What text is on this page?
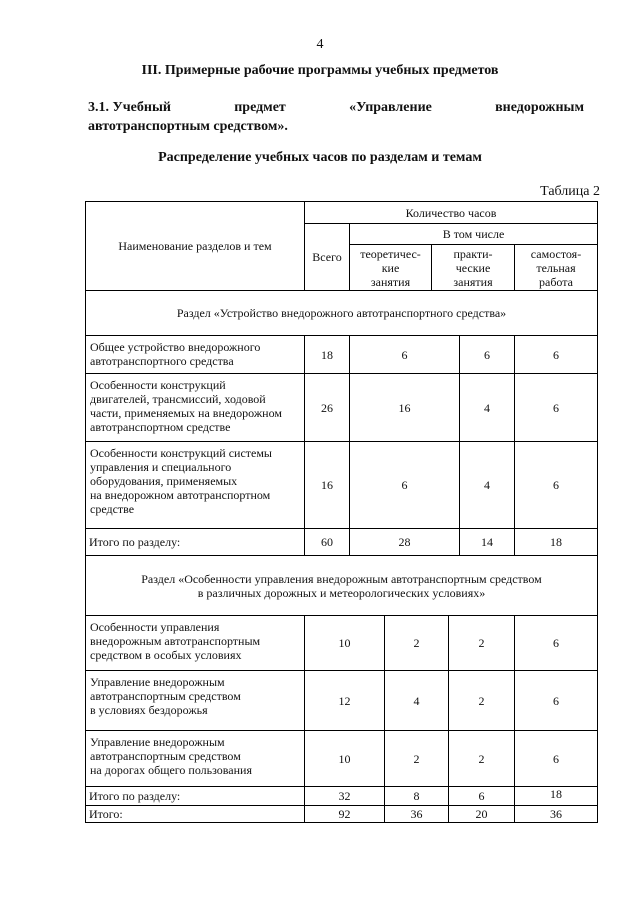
4
III. Примерные рабочие программы учебных предметов
3.1. Учебный	предмет	«Управление	внедорожным
автотранспортным средством».
Распределение учебных часов по разделам и темам
Таблица 2
Наименование разделов и тем
Количество часов
Всего
В том числе
теоретичес-
кие
занятия
практи-
ческие
занятия
самостоя-
тельная
работа
Раздел «Устройство внедорожного автотранспортного средства»
Общее устройство внедорожного
автотранспортного средства	18	6	6	6
Особенности конструкций
двигателей, трансмиссий, ходовой
части, применяемых на внедорожном
автотранспортном средстве
26	16	4	6
Особенности конструкций системы
управления и специального
оборудования, применяемых
на внедорожном автотранспортном
средстве
16	6	4	6
Итого по разделу:	60	28	14	18
Раздел «Особенности управления внедорожным автотранспортным средством
в различных дорожных и метеорологических условиях»
Особенности управления
внедорожным автотранспортным
средством в особых условиях
10	2	2	6
Управление внедорожным
автотранспортным средством
в условиях бездорожья
12	4	2	6
Управление внедорожным
автотранспортным средством
на дорогах общего пользования
10	2	2	6
Итого по разделу:	32	8	6	18
Итого:	92	36	20	36
